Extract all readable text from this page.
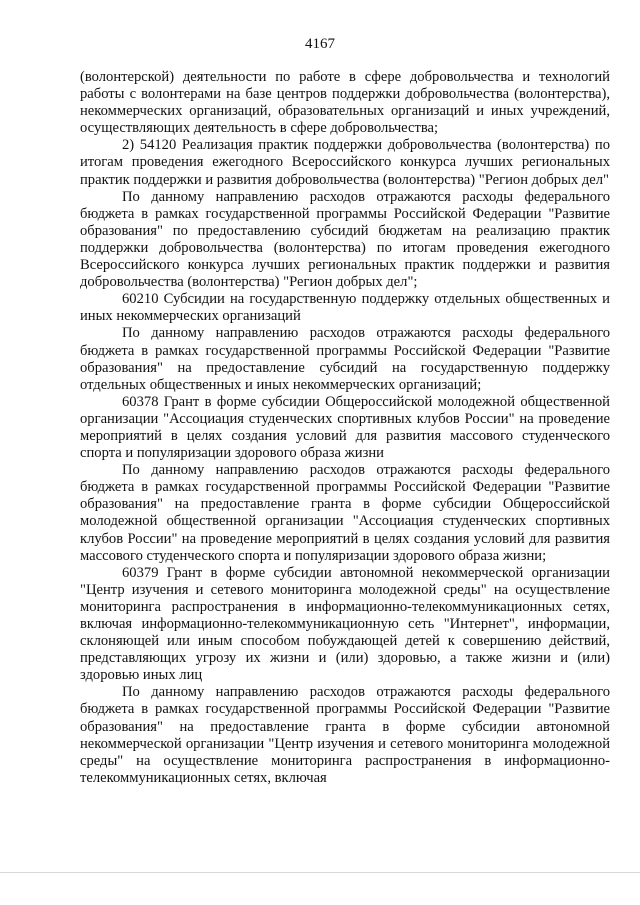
4167

(волонтерской) деятельности по работе в сфере добровольчества и технологий работы с волонтерами на базе центров поддержки добровольчества (волонтерства), некоммерческих организаций, образовательных организаций и иных учреждений, осуществляющих деятельность в сфере добровольчества;

2) 54120 Реализация практик поддержки добровольчества (волонтерства) по итогам проведения ежегодного Всероссийского конкурса лучших региональных практик поддержки и развития добровольчества (волонтерства) "Регион добрых дел"

По данному направлению расходов отражаются расходы федерального бюджета в рамках государственной программы Российской Федерации "Развитие образования" по предоставлению субсидий бюджетам на реализацию практик поддержки добровольчества (волонтерства) по итогам проведения ежегодного Всероссийского конкурса лучших региональных практик поддержки и развития добровольчества (волонтерства) "Регион добрых дел";

60210 Субсидии на государственную поддержку отдельных общественных и иных некоммерческих организаций

По данному направлению расходов отражаются расходы федерального бюджета в рамках государственной программы Российской Федерации "Развитие образования" на предоставление субсидий на государственную поддержку отдельных общественных и иных некоммерческих организаций;

60378 Грант в форме субсидии Общероссийской молодежной общественной организации "Ассоциация студенческих спортивных клубов России" на проведение мероприятий в целях создания условий для развития массового студенческого спорта и популяризации здорового образа жизни

По данному направлению расходов отражаются расходы федерального бюджета в рамках государственной программы Российской Федерации "Развитие образования" на предоставление гранта в форме субсидии Общероссийской молодежной общественной организации "Ассоциация студенческих спортивных клубов России" на проведение мероприятий в целях создания условий для развития массового студенческого спорта и популяризации здорового образа жизни;

60379 Грант в форме субсидии автономной некоммерческой организации "Центр изучения и сетевого мониторинга молодежной среды" на осуществление мониторинга распространения в информационно-телекоммуникационных сетях, включая информационно-телекоммуникационную сеть "Интернет", информации, склоняющей или иным способом побуждающей детей к совершению действий, представляющих угрозу их жизни и (или) здоровью, а также жизни и (или) здоровью иных лиц

По данному направлению расходов отражаются расходы федерального бюджета в рамках государственной программы Российской Федерации "Развитие образования" на предоставление гранта в форме субсидии автономной некоммерческой организации "Центр изучения и сетевого мониторинга молодежной среды" на осуществление мониторинга распространения в информационно-телекоммуникационных сетях, включая
